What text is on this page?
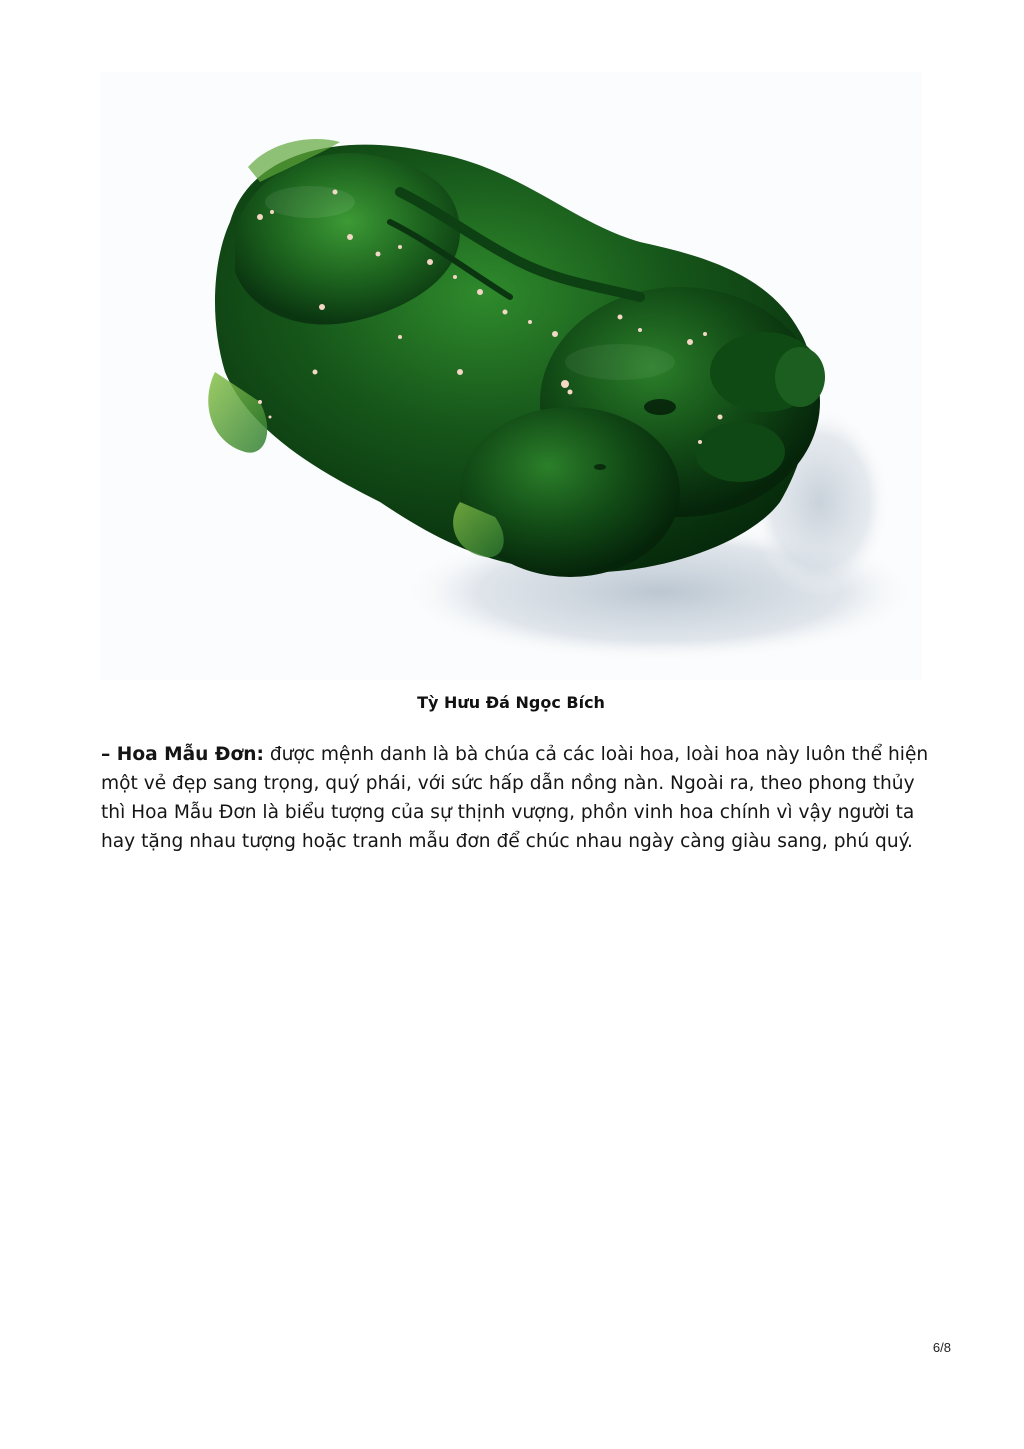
Tỳ Hưu Đá Ngọc Bích

– Hoa Mẫu Đơn: được mệnh danh là bà chúa cả các loài hoa, loài hoa này luôn thể hiện một vẻ đẹp sang trọng, quý phái, với sức hấp dẫn nồng nàn. Ngoài ra, theo phong thủy thì Hoa Mẫu Đơn là biểu tượng của sự thịnh vượng, phồn vinh hoa chính vì vậy người ta hay tặng nhau tượng hoặc tranh mẫu đơn để chúc nhau ngày càng giàu sang, phú quý.

6/8
